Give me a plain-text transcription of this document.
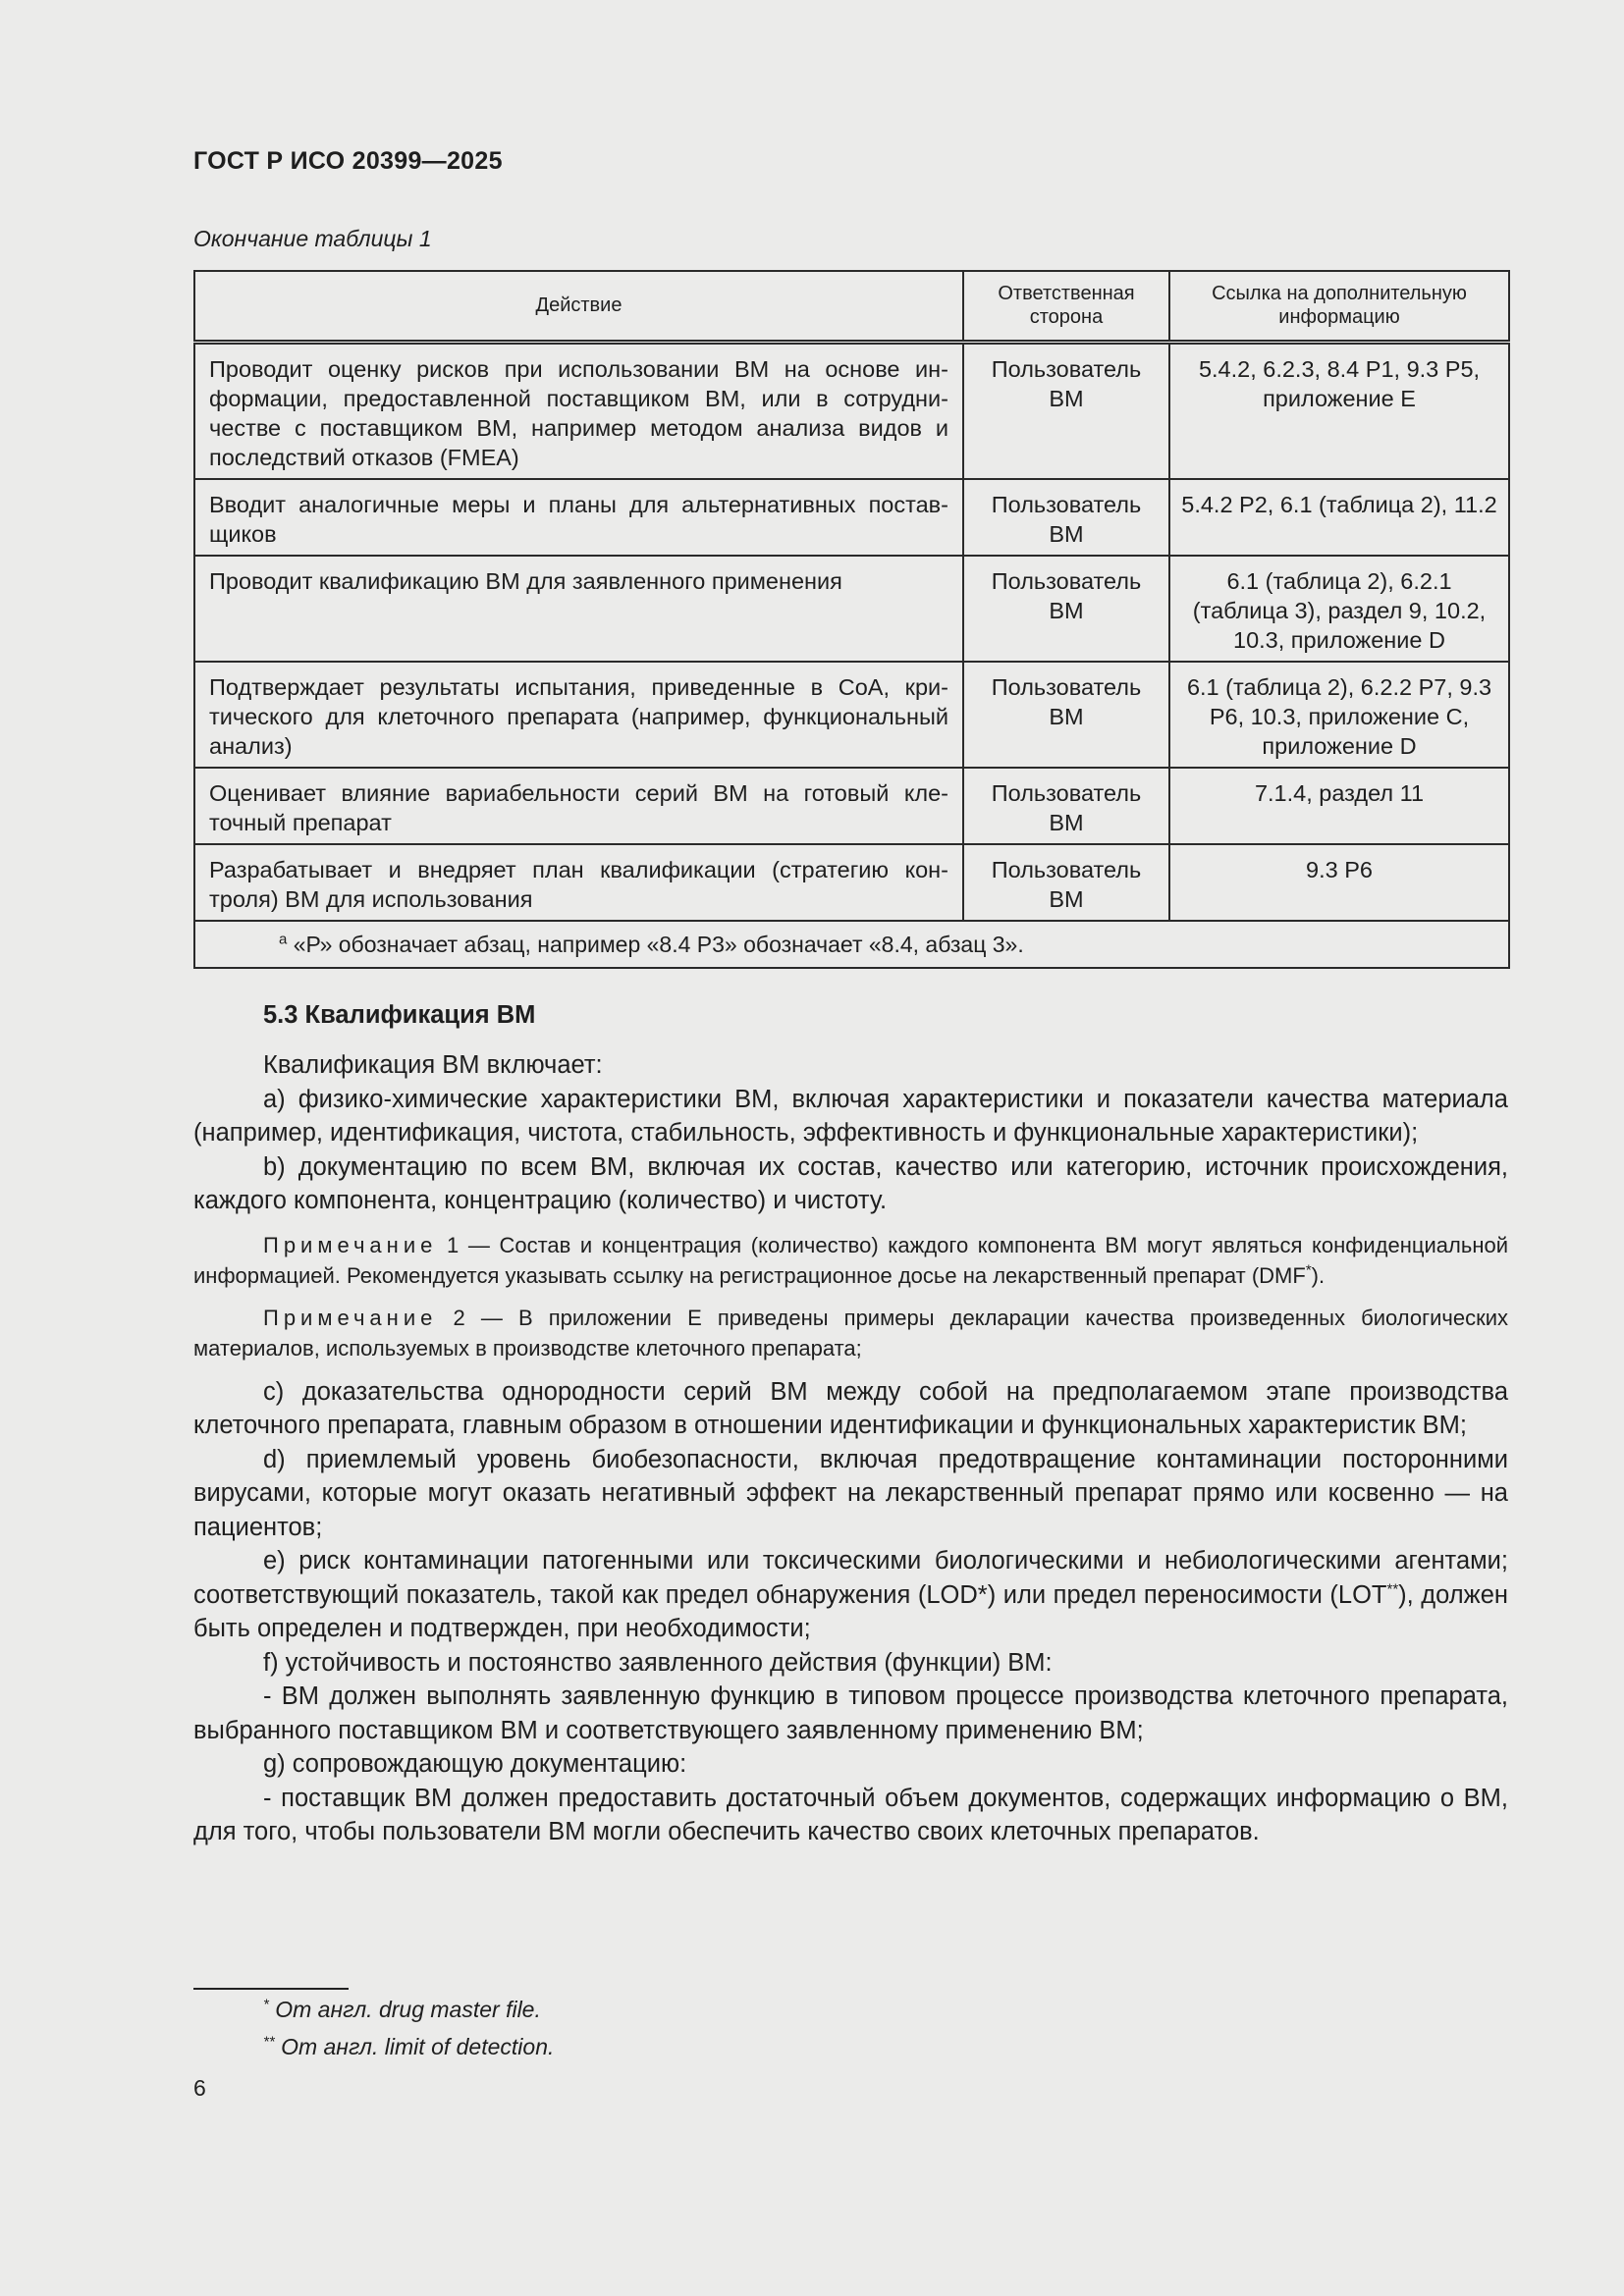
ГОСТ Р ИСО 20399—2025
Окончание таблицы 1
Действие	Ответственная сторона	Ссылка на дополнительную информацию
Проводит оценку рисков при использовании ВМ на основе информации, предоставленной поставщиком ВМ, или в сотрудничестве с поставщиком ВМ, например методом анализа видов и последствий отказов (FMEA)	Пользователь ВМ	5.4.2, 6.2.3, 8.4 P1, 9.3 P5, приложение Е
Вводит аналогичные меры и планы для альтернативных поставщиков	Пользователь ВМ	5.4.2 P2, 6.1 (таблица 2), 11.2
Проводит квалификацию ВМ для заявленного применения	Пользователь ВМ	6.1 (таблица 2), 6.2.1 (таблица 3), раздел 9, 10.2, 10.3, приложение D
Подтверждает результаты испытания, приведенные в CoA, критического для клеточного препарата (например, функциональный анализ)	Пользователь ВМ	6.1 (таблица 2), 6.2.2 P7, 9.3 P6, 10.3, приложение С, приложение D
Оценивает влияние вариабельности серий ВМ на готовый клеточный препарат	Пользователь ВМ	7.1.4, раздел 11
Разрабатывает и внедряет план квалификации (стратегию контроля) ВМ для использования	Пользователь ВМ	9.3 P6
$^a$ «Р» обозначает абзац, например «8.4 Р3» обозначает «8.4, абзац 3».		
5.3 Квалификация ВМ

Квалификация ВМ включает:

a) физико-химические характеристики ВМ, включая характеристики и показатели качества материала (например, идентификация, чистота, стабильность, эффективность и функциональные характеристики);

b) документацию по всем ВМ, включая их состав, качество или категорию, источник происхождения, каждого компонента, концентрацию (количество) и чистоту.

Примечание 1 — Состав и концентрация (количество) каждого компонента ВМ могут являться конфиденциальной информацией. Рекомендуется указывать ссылку на регистрационное досье на лекарственный препарат (DMF*).

Примечание 2 — В приложении Е приведены примеры декларации качества произведенных биологических материалов, используемых в производстве клеточного препарата;

c) доказательства однородности серий ВМ между собой на предполагаемом этапе производства клеточного препарата, главным образом в отношении идентификации и функциональных характеристик ВМ;

d) приемлемый уровень биобезопасности, включая предотвращение контаминации посторонними вирусами, которые могут оказать негативный эффект на лекарственный препарат прямо или косвенно — на пациентов;

e) риск контаминации патогенными или токсическими биологическими и небиологическими агентами; соответствующий показатель, такой как предел обнаружения (LOD*) или предел переносимости (LOT**), должен быть определен и подтвержден, при необходимости;

f) устойчивость и постоянство заявленного действия (функции) ВМ:

- ВМ должен выполнять заявленную функцию в типовом процессе производства клеточного препарата, выбранного поставщиком ВМ и соответствующего заявленному применению ВМ;

g) сопровождающую документацию:

- поставщик ВМ должен предоставить достаточный объем документов, содержащих информацию о ВМ, для того, чтобы пользователи ВМ могли обеспечить качество своих клеточных препаратов.

* От англ. drug master file.
** От англ. limit of detection.
6
